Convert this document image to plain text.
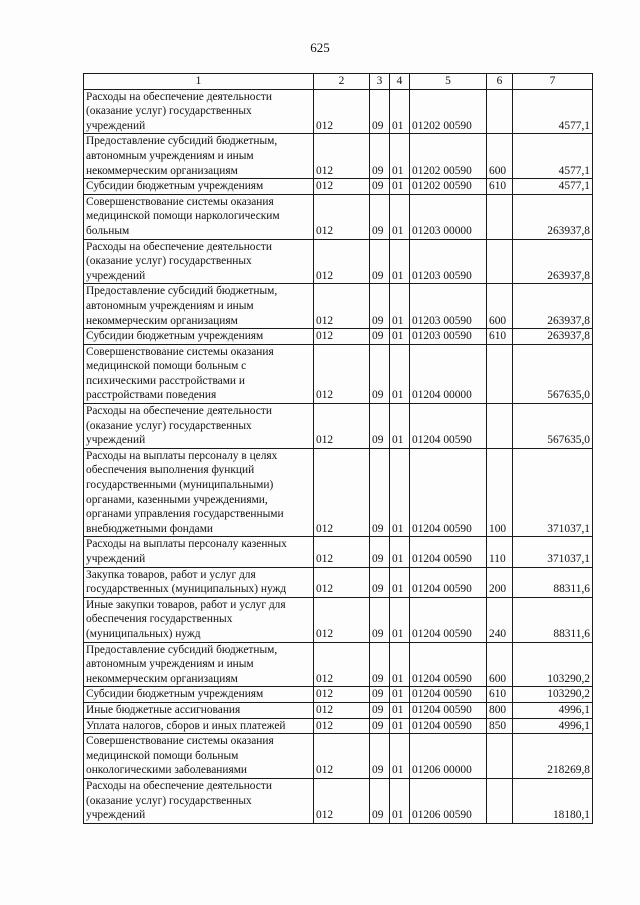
625
1	2	3	4	5	6	7
Расходы на обеспечение деятельности (оказание услуг) государственных учреждений	012	09	01	01202 00590		4577,1
Предоставление субсидий бюджетным, автономным учреждениям и иным некоммерческим организациям	012	09	01	01202 00590	600	4577,1
Субсидии бюджетным учреждениям	012	09	01	01202 00590	610	4577,1
Совершенствование системы оказания медицинской помощи наркологическим больным	012	09	01	01203 00000		263937,8
Расходы на обеспечение деятельности (оказание услуг) государственных учреждений	012	09	01	01203 00590		263937,8
Предоставление субсидий бюджетным, автономным учреждениям и иным некоммерческим организациям	012	09	01	01203 00590	600	263937,8
Субсидии бюджетным учреждениям	012	09	01	01203 00590	610	263937,8
Совершенствование системы оказания медицинской помощи больным с психическими расстройствами и расстройствами поведения	012	09	01	01204 00000		567635,0
Расходы на обеспечение деятельности (оказание услуг) государственных учреждений	012	09	01	01204 00590		567635,0
Расходы на выплаты персоналу в целях обеспечения выполнения функций государственными (муниципальными) органами, казенными учреждениями, органами управления государственными внебюджетными фондами	012	09	01	01204 00590	100	371037,1
Расходы на выплаты персоналу казенных учреждений	012	09	01	01204 00590	110	371037,1
Закупка товаров, работ и услуг для государственных (муниципальных) нужд	012	09	01	01204 00590	200	88311,6
Иные закупки товаров, работ и услуг для обеспечения государственных (муниципальных) нужд	012	09	01	01204 00590	240	88311,6
Предоставление субсидий бюджетным, автономным учреждениям и иным некоммерческим организациям	012	09	01	01204 00590	600	103290,2
Субсидии бюджетным учреждениям	012	09	01	01204 00590	610	103290,2
Иные бюджетные ассигнования	012	09	01	01204 00590	800	4996,1
Уплата налогов, сборов и иных платежей	012	09	01	01204 00590	850	4996,1
Совершенствование системы оказания медицинской помощи больным онкологическими заболеваниями	012	09	01	01206 00000		218269,8
Расходы на обеспечение деятельности (оказание услуг) государственных учреждений	012	09	01	01206 00590		18180,1
